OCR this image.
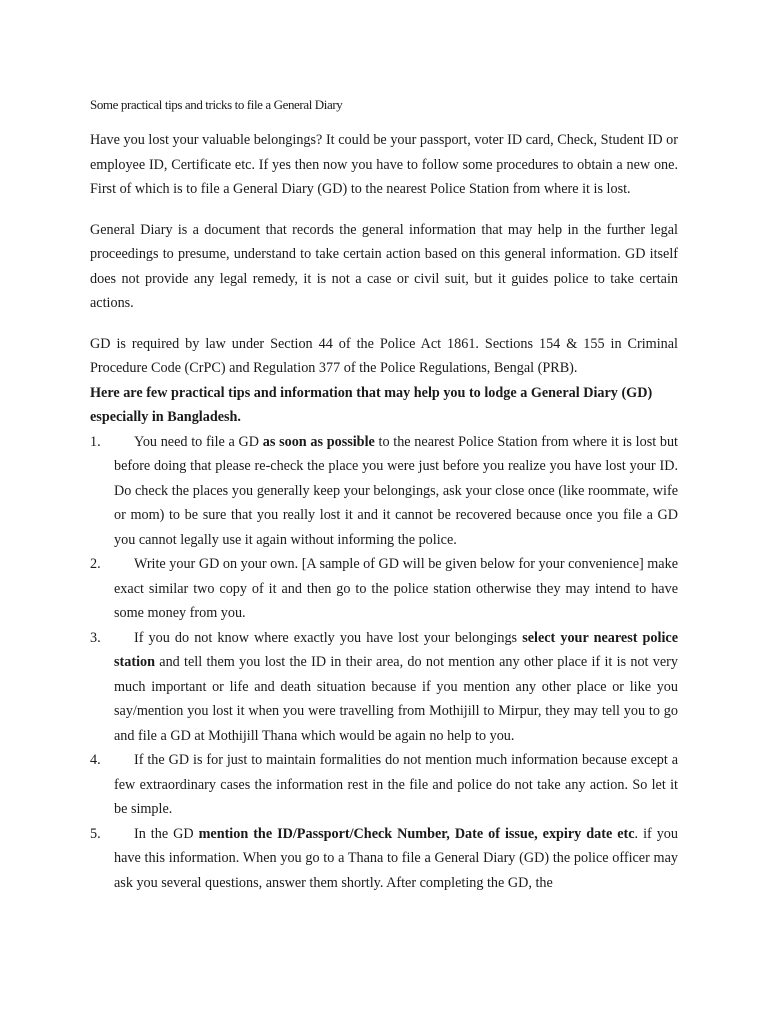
Some practical tips and tricks to file a General Diary

Have you lost your valuable belongings? It could be your passport, voter ID card, Check, Student ID or employee ID, Certificate etc. If yes then now you have to follow some procedures to obtain a new one. First of which is to file a General Diary (GD) to the nearest Police Station from where it is lost.

General Diary is a document that records the general information that may help in the further legal proceedings to presume, understand to take certain action based on this general information. GD itself does not provide any legal remedy, it is not a case or civil suit, but it guides police to take certain actions.

GD is required by law under Section 44 of the Police Act 1861. Sections 154 & 155 in Criminal Procedure Code (CrPC) and Regulation 377 of the Police Regulations, Bengal (PRB).

Here are few practical tips and information that may help you to lodge a General Diary (GD) especially in Bangladesh.

1.	You need to file a GD as soon as possible to the nearest Police Station from where it is lost but before doing that please re-check the place you were just before you realize you have lost your ID. Do check the places you generally keep your belongings, ask your close once (like roommate, wife or mom) to be sure that you really lost it and it cannot be recovered because once you file a GD you cannot legally use it again without informing the police.
2.	Write your GD on your own. [A sample of GD will be given below for your convenience] make exact similar two copy of it and then go to the police station otherwise they may intend to have some money from you.
3.	If you do not know where exactly you have lost your belongings select your nearest police station and tell them you lost the ID in their area, do not mention any other place if it is not very much important or life and death situation because if you mention any other place or like you say/mention you lost it when you were travelling from Mothijill to Mirpur, they may tell you to go and file a GD at Mothijill Thana which would be again no help to you.
4.	If the GD is for just to maintain formalities do not mention much information because except a few extraordinary cases the information rest in the file and police do not take any action. So let it be simple.
5.	In the GD mention the ID/Passport/Check Number, Date of issue, expiry date etc. if you have this information. When you go to a Thana to file a General Diary (GD) the police officer may ask you several questions, answer them shortly. After completing the GD, the
